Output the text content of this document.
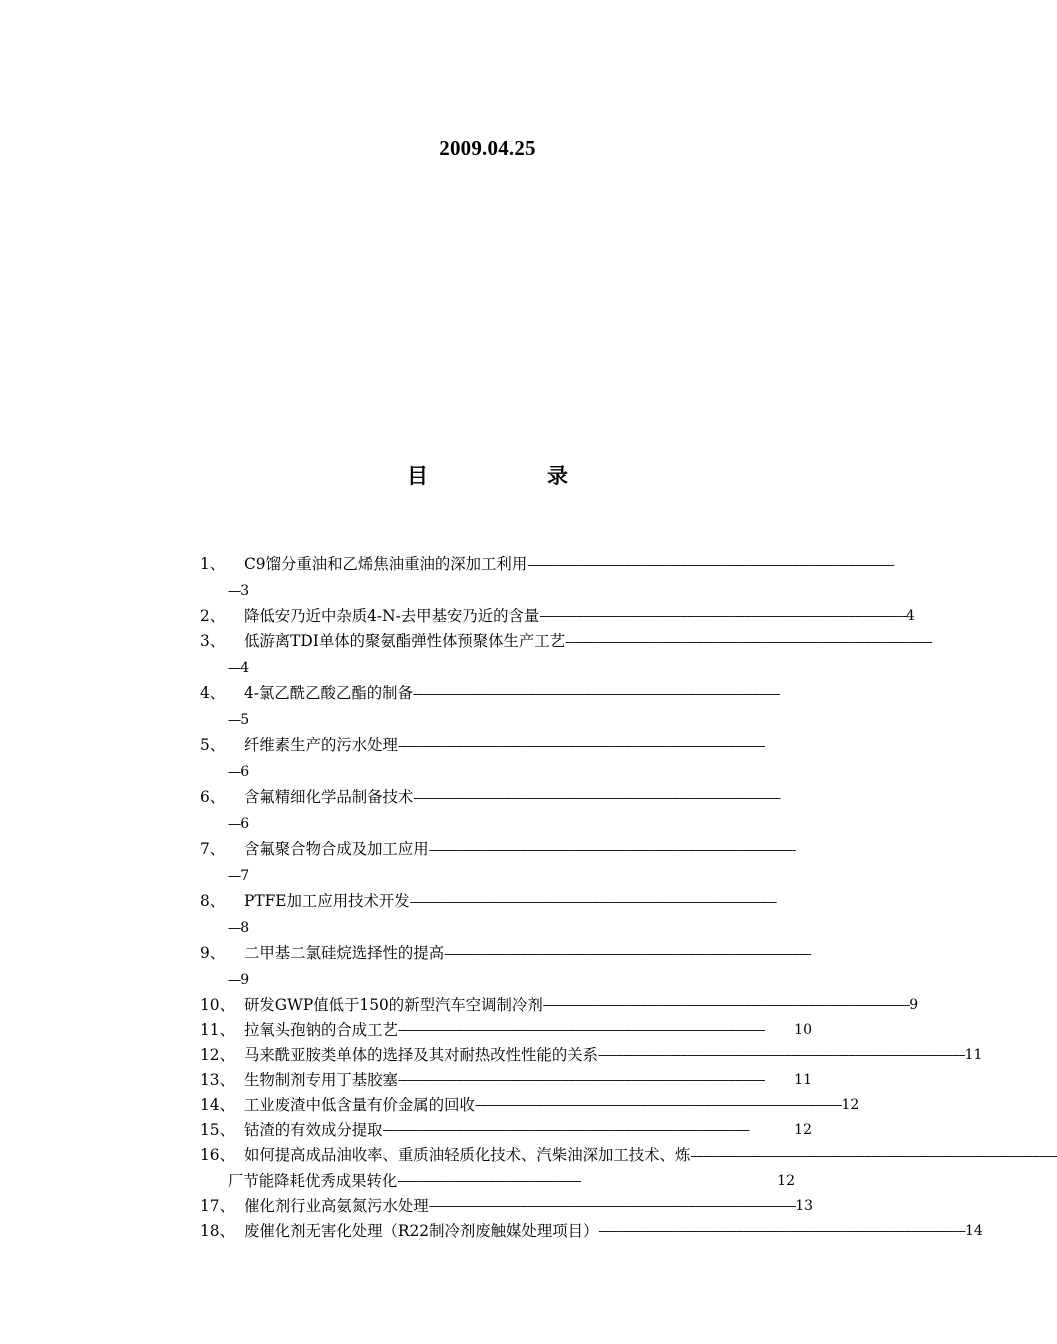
2009.04.25
目	录
1、	C9馏分重油和乙烯焦油重油的深加工利用------------------------------------------------------------------------------------------------------------------------
----3
2、 降低安乃近中杂质4-N-去甲基安乃近的含量 ------------------------------------------------------------------------------------------------------------------------ 4
3、	低游离TDI单体的聚氨酯弹性体预聚体生产工艺------------------------------------------------------------------------------------------------------------------------
----4
4、	4-氯乙酰乙酸乙酯的制备------------------------------------------------------------------------------------------------------------------------
----5
5、	纤维素生产的污水处理------------------------------------------------------------------------------------------------------------------------
----6
6、	含氟精细化学品制备技术------------------------------------------------------------------------------------------------------------------------
----6
7、	含氟聚合物合成及加工应用------------------------------------------------------------------------------------------------------------------------
----7
8、	PTFE加工应用技术开发------------------------------------------------------------------------------------------------------------------------
----8
9、	二甲基二氯硅烷选择性的提高------------------------------------------------------------------------------------------------------------------------
----9
10、 研发GWP值低于150的新型汽车空调制冷剂 ------------------------------------------------------------------------------------------------------------------------ 9
11、 拉氧头孢钠的合成工艺 ------------------------------------------------------------------------------------------------------------------------	10
12、 马来酰亚胺类单体的选择及其对耐热改性性能的关系 ------------------------------------------------------------------------------------------------------------------------ 11
13、 生物制剂专用丁基胶塞 ------------------------------------------------------------------------------------------------------------------------	11
14、 工业废渣中低含量有价金属的回收 ------------------------------------------------------------------------------------------------------------------------ 12
15、 钴渣的有效成分提取 ------------------------------------------------------------------------------------------------------------------------	12
16、 如何提高成品油收率、重质油轻质化技术、汽柴油深加工技术、炼------------------------------------------------------------------------------------------------------------------------
厂节能降耗优秀成果转化 ------------------------------------------------------------	12
17、 催化剂行业高氨氮污水处理 ------------------------------------------------------------------------------------------------------------------------ 13
18、 废催化剂无害化处理（R22制冷剂废触媒处理项目） ------------------------------------------------------------------------------------------------------------------------ 14
